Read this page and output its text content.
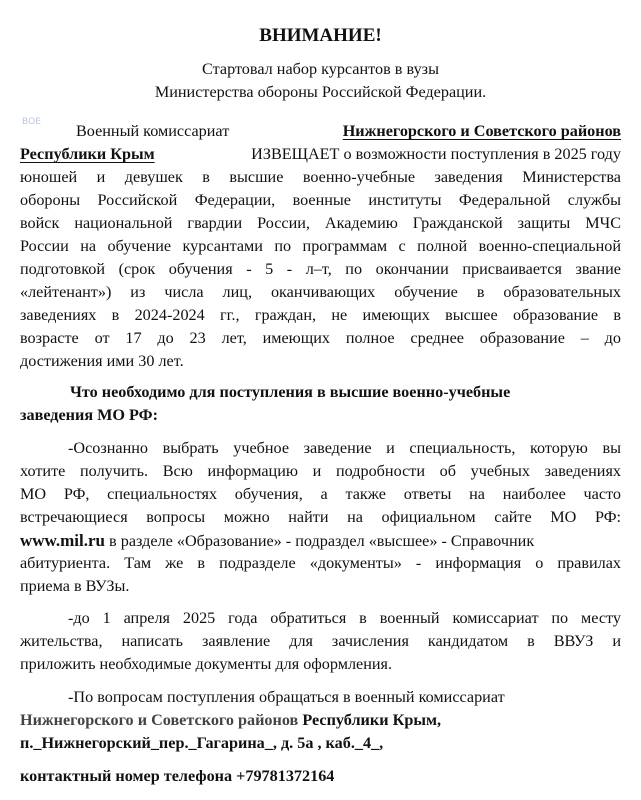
ВНИМАНИЕ!
Стартовал набор курсантов в вузы
Министерства обороны Российской Федерации.
ВОЕ	Военный комиссариат	Нижнегорского и Советского районов
Республики Крым	ИЗВЕЩАЕТ о возможности поступления в 2025 году
юношей и девушек в высшие военно-учебные заведения Министерства
обороны Российской Федерации, военные институты Федеральной службы
войск национальной гвардии России, Академию Гражданской защиты МЧС
России на обучение курсантами по программам с полной военно-специальной
подготовкой (срок обучения - 5 - л–т, по окончании присваивается звание
«лейтенант») из числа лиц, оканчивающих обучение в образовательных
заведениях в 2024-2024 гг., граждан, не имеющих высшее образование в
возрасте от 17 до 23 лет, имеющих полное среднее образование – до
достижения ими 30 лет.
Что необходимо для поступления в высшие военно-учебные
заведения МО РФ:
-Осознанно выбрать учебное заведение и специальность, которую вы
хотите получить. Всю информацию и подробности об учебных заведениях
МО РФ, специальностях обучения, а также ответы на наиболее часто
встречающиеся вопросы можно найти на официальном сайте МО РФ:
www.mil.ru в разделе «Образование» - подраздел «высшее» - Справочник
абитуриента. Там же в подразделе «документы» - информация о правилах
приема в ВУЗы.
-до 1 апреля 2025 года обратиться в военный комиссариат по месту
жительства, написать заявление для зачисления кандидатом в ВВУЗ и
приложить необходимые документы для оформления.
-По вопросам поступления обращаться в военный комиссариат
Нижнегорского и Советского районов Республики Крым,
п._Нижнегорский_пер._Гагарина_, д. 5а , каб._4_,
контактный номер телефона +79781372164
